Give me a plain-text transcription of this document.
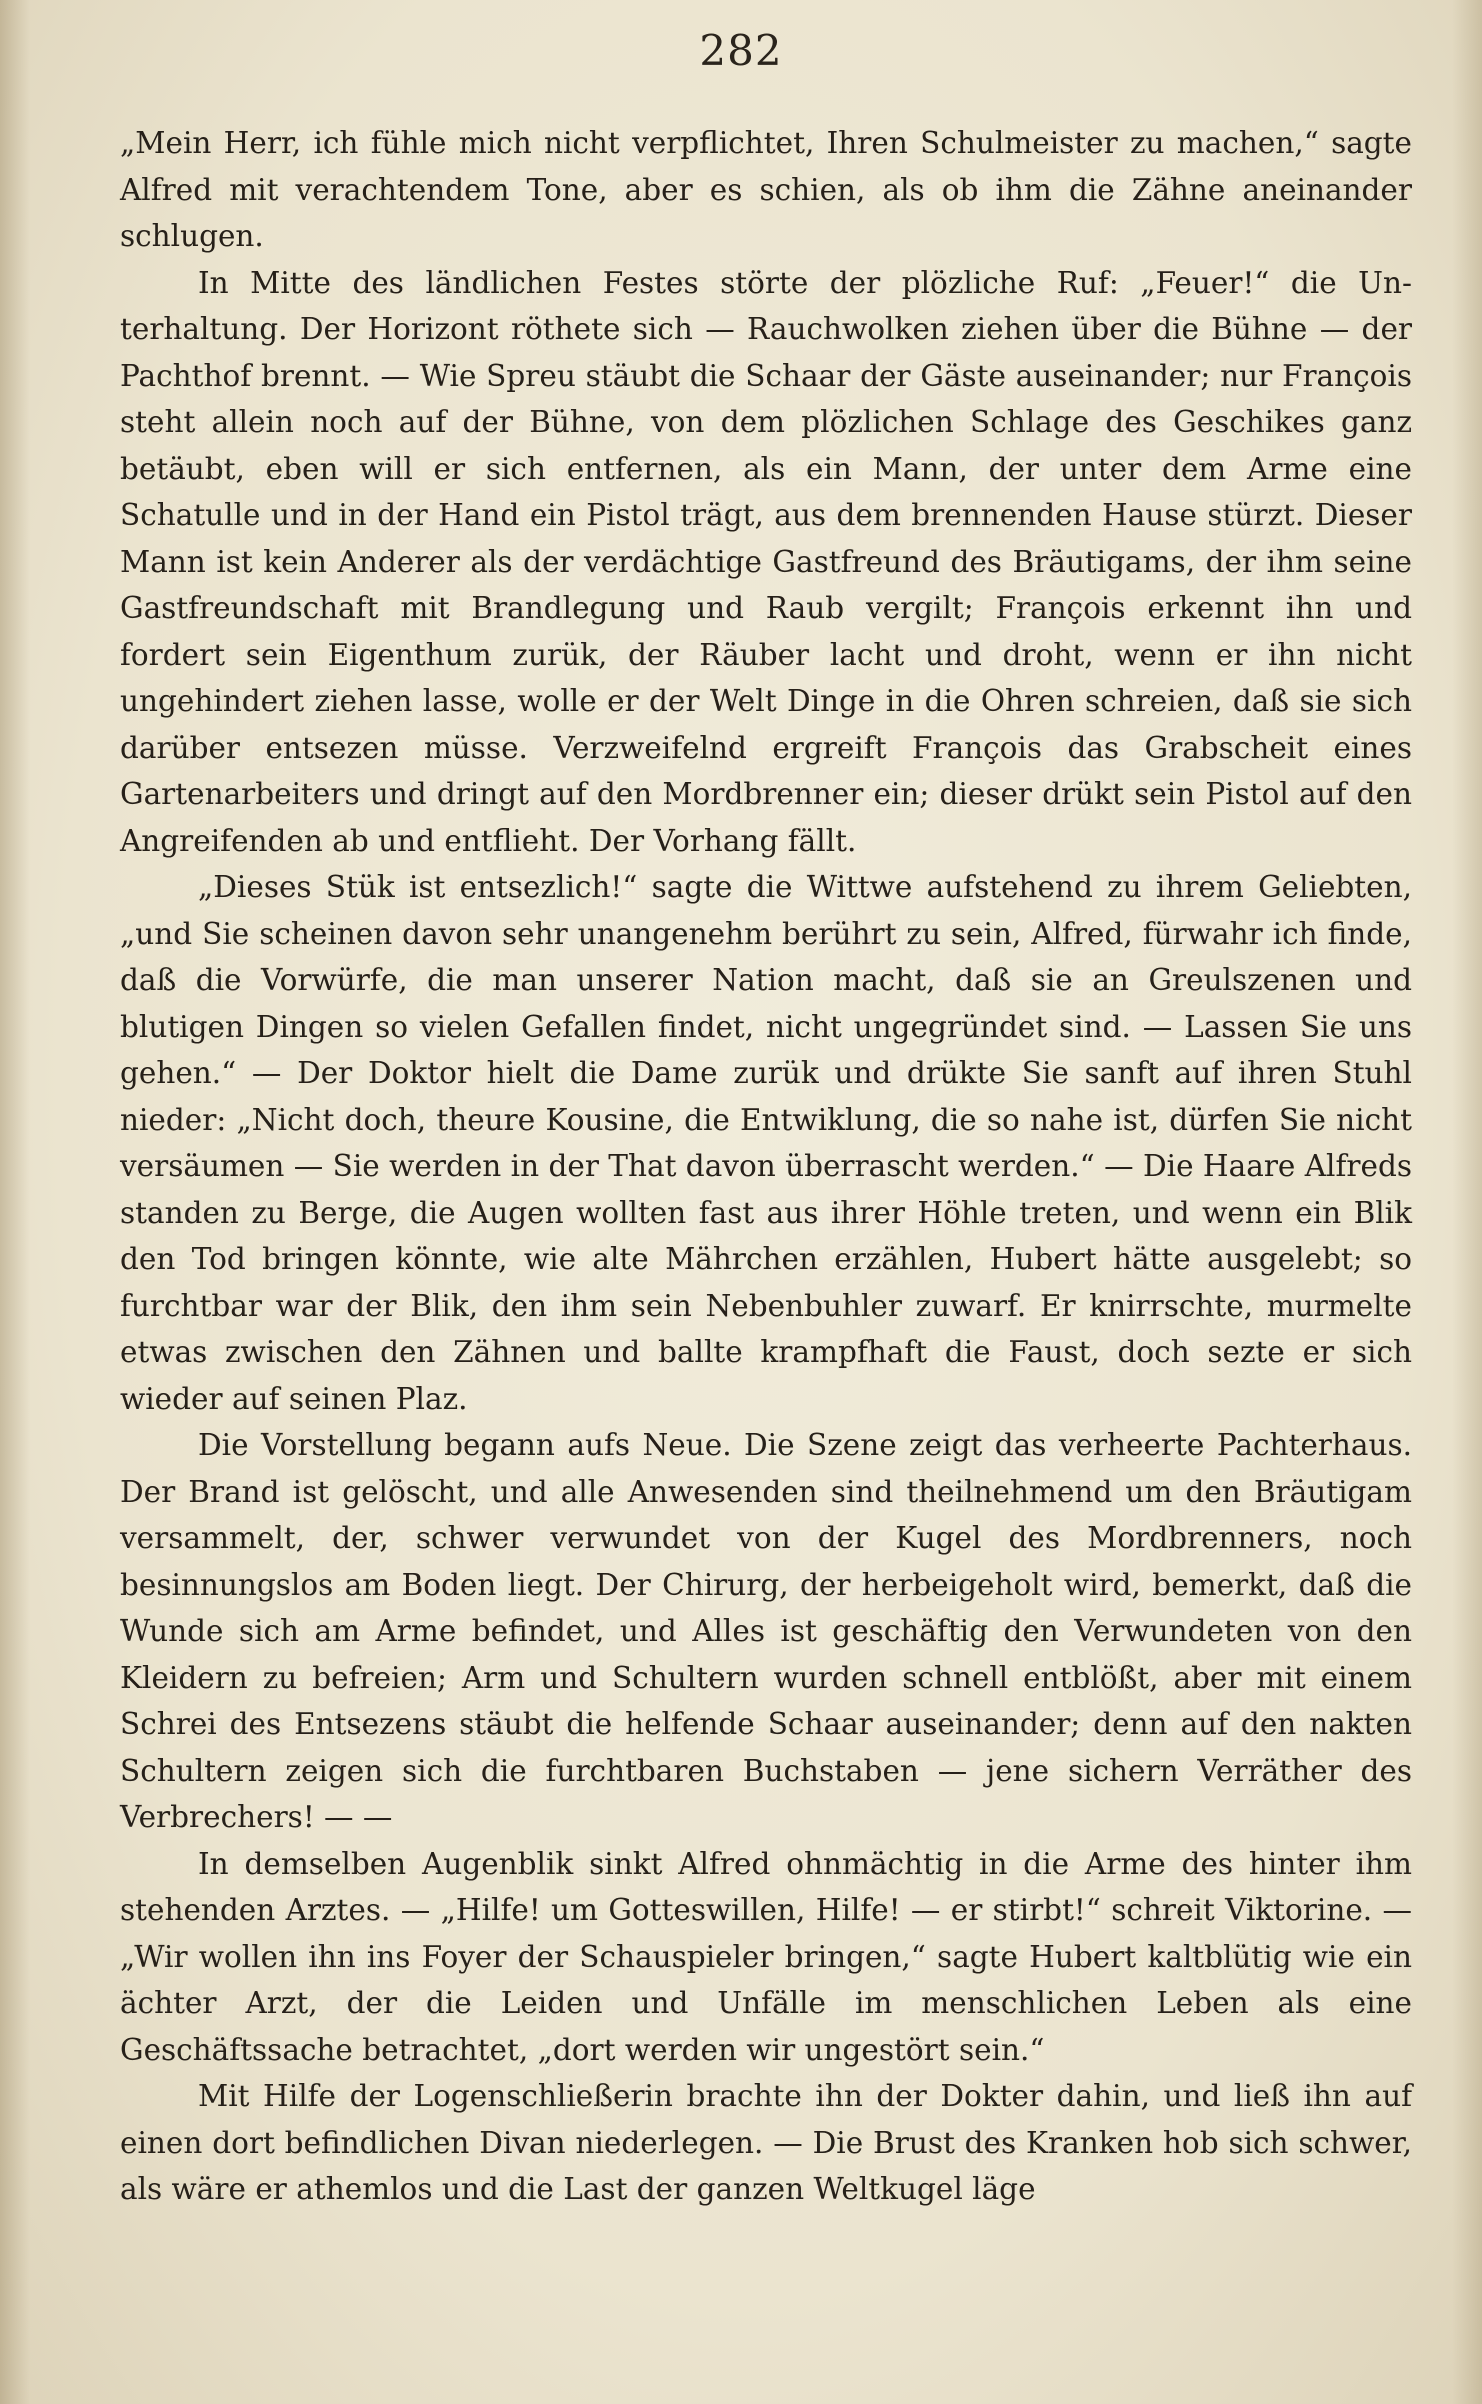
282

„Mein Herr, ich fühle mich nicht verpflichtet, Ihren Schulmeister zu machen,“ sagte Alfred mit verachtendem Tone, aber es schien, als ob ihm die Zähne aneinander schlugen.

In Mitte des ländlichen Festes störte der plözliche Ruf: „Feuer!“ die Unterhaltung. Der Horizont röthete sich — Rauchwolken ziehen über die Bühne — der Pachthof brennt. — Wie Spreu stäubt die Schaar der Gäste auseinander; nur François steht allein noch auf der Bühne, von dem plözlichen Schlage des Geschikes ganz betäubt, eben will er sich entfernen, als ein Mann, der unter dem Arme eine Schatulle und in der Hand ein Pistol trägt, aus dem brennenden Hause stürzt. Dieser Mann ist kein Anderer als der verdächtige Gastfreund des Bräutigams, der ihm seine Gastfreundschaft mit Brandlegung und Raub vergilt; François erkennt ihn und fordert sein Eigenthum zurük, der Räuber lacht und droht, wenn er ihn nicht ungehindert ziehen lasse, wolle er der Welt Dinge in die Ohren schreien, daß sie sich darüber entsezen müsse. Verzweifelnd ergreift François das Grabscheit eines Gartenarbeiters und dringt auf den Mordbrenner ein; dieser drükt sein Pistol auf den Angreifenden ab und entflieht. Der Vorhang fällt.

„Dieses Stük ist entsezlich!“ sagte die Wittwe aufstehend zu ihrem Geliebten, „und Sie scheinen davon sehr unangenehm berührt zu sein, Alfred, fürwahr ich finde, daß die Vorwürfe, die man unserer Nation macht, daß sie an Greulszenen und blutigen Dingen so vielen Gefallen findet, nicht ungegründet sind. — Lassen Sie uns gehen.“ — Der Doktor hielt die Dame zurük und drükte Sie sanft auf ihren Stuhl nieder: „Nicht doch, theure Kousine, die Entwiklung, die so nahe ist, dürfen Sie nicht versäumen — Sie werden in der That davon überrascht werden.“ — Die Haare Alfreds standen zu Berge, die Augen wollten fast aus ihrer Höhle treten, und wenn ein Blik den Tod bringen könnte, wie alte Mährchen erzählen, Hubert hätte ausgelebt; so furchtbar war der Blik, den ihm sein Nebenbuhler zuwarf. Er knirrschte, murmelte etwas zwischen den Zähnen und ballte krampfhaft die Faust, doch sezte er sich wieder auf seinen Plaz.

Die Vorstellung begann aufs Neue. Die Szene zeigt das verheerte Pachterhaus. Der Brand ist gelöscht, und alle Anwesenden sind theilnehmend um den Bräutigam versammelt, der, schwer verwundet von der Kugel des Mordbrenners, noch besinnungslos am Boden liegt. Der Chirurg, der herbeigeholt wird, bemerkt, daß die Wunde sich am Arme befindet, und Alles ist geschäftig den Verwundeten von den Kleidern zu befreien; Arm und Schultern wurden schnell entblößt, aber mit einem Schrei des Entsezens stäubt die helfende Schaar auseinander; denn auf den nakten Schultern zeigen sich die furchtbaren Buchstaben — jene sichern Verräther des Verbrechers! — —

In demselben Augenblik sinkt Alfred ohnmächtig in die Arme des hinter ihm stehenden Arztes. — „Hilfe! um Gotteswillen, Hilfe! — er stirbt!“ schreit Viktorine. — „Wir wollen ihn ins Foyer der Schauspieler bringen,“ sagte Hubert kaltblütig wie ein ächter Arzt, der die Leiden und Unfälle im menschlichen Leben als eine Geschäftssache betrachtet, „dort werden wir ungestört sein.“

Mit Hilfe der Logenschließerin brachte ihn der Dokter dahin, und ließ ihn auf einen dort befindlichen Divan niederlegen. — Die Brust des Kranken hob sich schwer, als wäre er athemlos und die Last der ganzen Weltkugel läge
